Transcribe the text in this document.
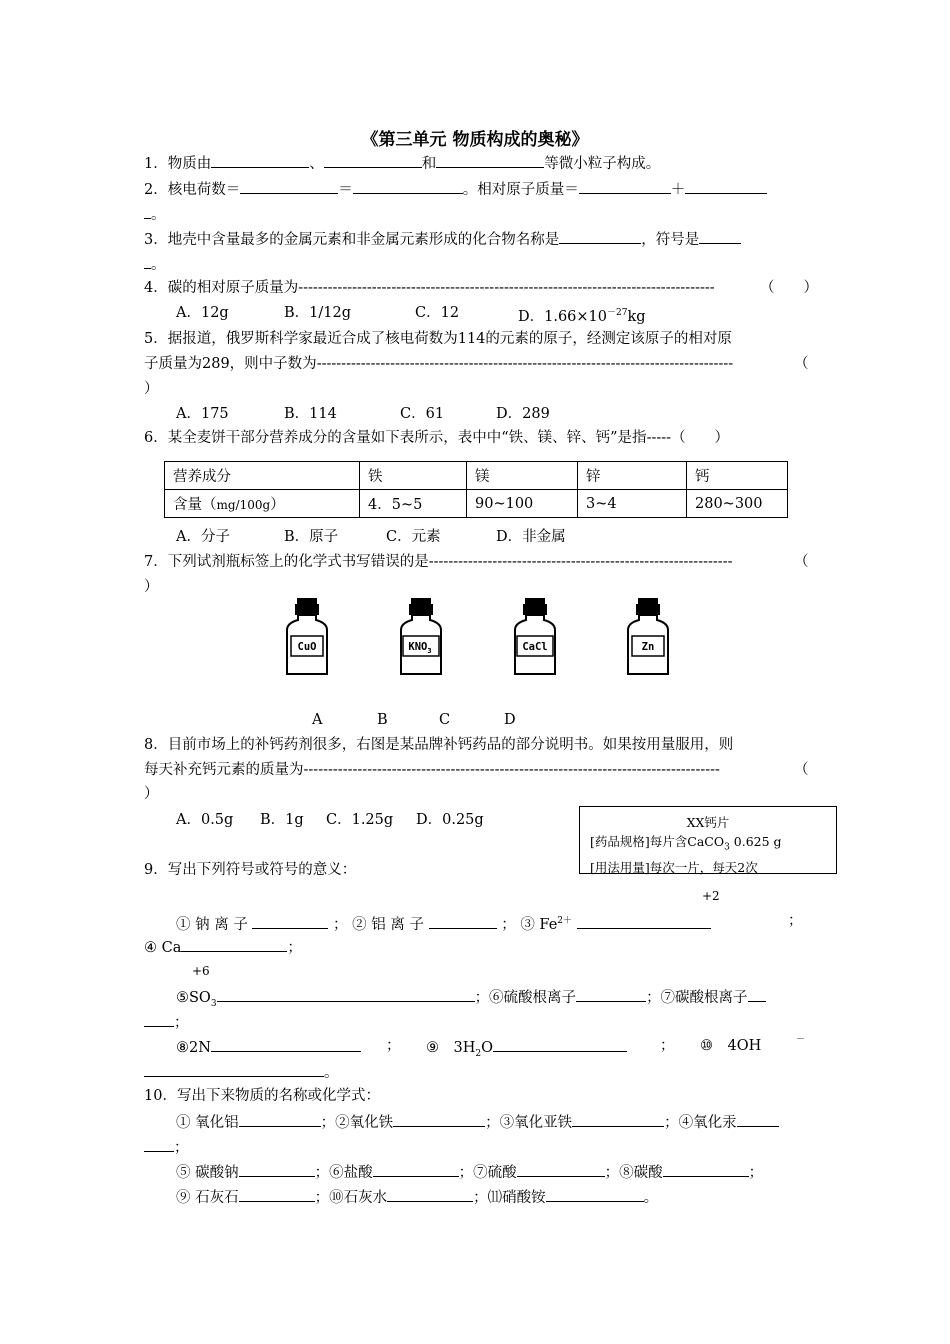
《第三单元 物质构成的奥秘》
1．物质由	、	和	等微小粒子构成。
2．核电荷数＝	＝	。相对原子质量＝	＋
。
3．地壳中含量最多的金属元素和非金属元素形成的化合物名称是	，符号是
。
4．碳的相对原子质量为-------------------------------------------------------------------------------------	（　　）
A．12g	B．1/12g	C．12	D．$1.66\times 10^{-27}kg$
5．据报道，俄罗斯科学家最近合成了核电荷数为114的元素的原子，经测定该原子的相对原
子质量为289，则中子数为-------------------------------------------------------------------------------------	（
）
A．175	B．114	C．61	D．289
6．某全麦饼干部分营养成分的含量如下表所示，表中中“铁、镁、锌、钙”是指-----（　　）
营养成分	铁	镁	锌	钙
含量（mg/100g）	4．5~5	90~100	3~4	280~300
A．分子	B．原子	C．元素	D．非金属
7．下列试剂瓶标签上的化学式书写错误的是--------------------------------------------------------------	（
）
CuO	$KNO_3$	CaCl	Zn
A	B	C	D
8．目前市场上的补钙药剂很多，右图是某品牌补钙药品的部分说明书。如果按用量服用，则
每天补充钙元素的质量为-------------------------------------------------------------------------------------	（
）
A．0.5g B．1g C．1.25g D．0.25g	XX钙片
[药品规格]每片含CaCO$_3$ 0.625 g
[用法用量]每次一片，每天2次
9．写出下列符号或符号的意义：
+2
① 钠 离 子	； ② 铝 离 子	； ③ $Fe^{2+}$	；
④ Ca	；
+6
$⑤SO_3$	；⑥硫酸根离子	；⑦碳酸根离子
；
⑧2N	； ⑨　$3H_2O$	； ⑩　4OH	－
。
10．写出下来物质的名称或化学式：
① 氧化铝	；②氧化铁	；③氧化亚铁	；④氧化汞
；
⑤ 碳酸钠	；⑥盐酸	；⑦硫酸	；⑧碳酸	；
⑨ 石灰石	；⑩石灰水	；⑾硝酸铵	。
